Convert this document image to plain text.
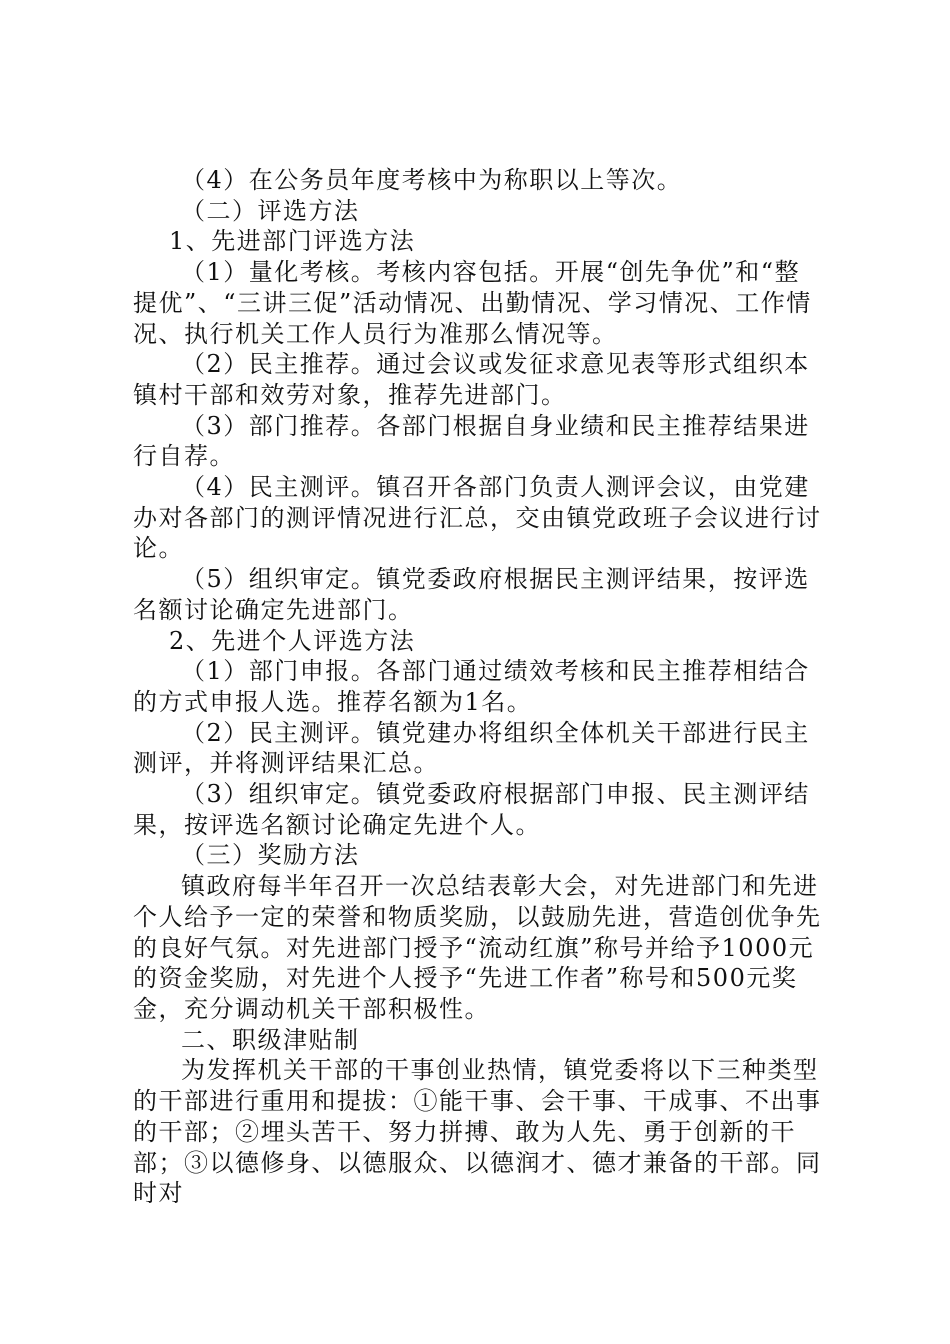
（4）在公务员年度考核中为称职以上等次。

（二）评选方法

1、先进部门评选方法

（1）量化考核。考核内容包括。开展“创先争优”和“整提优”、“三讲三促”活动情况、出勤情况、学习情况、工作情况、执行机关工作人员行为准那么情况等。

（2）民主推荐。通过会议或发征求意见表等形式组织本镇村干部和效劳对象，推荐先进部门。

（3）部门推荐。各部门根据自身业绩和民主推荐结果进行自荐。

（4）民主测评。镇召开各部门负责人测评会议，由党建办对各部门的测评情况进行汇总，交由镇党政班子会议进行讨论。

（5）组织审定。镇党委政府根据民主测评结果，按评选名额讨论确定先进部门。

2、先进个人评选方法

（1）部门申报。各部门通过绩效考核和民主推荐相结合的方式申报人选。推荐名额为1名。

（2）民主测评。镇党建办将组织全体机关干部进行民主测评，并将测评结果汇总。

（3）组织审定。镇党委政府根据部门申报、民主测评结果，按评选名额讨论确定先进个人。

（三）奖励方法

镇政府每半年召开一次总结表彰大会，对先进部门和先进个人给予一定的荣誉和物质奖励，以鼓励先进，营造创优争先的良好气氛。对先进部门授予“流动红旗”称号并给予1000元的资金奖励，对先进个人授予“先进工作者”称号和500元奖金，充分调动机关干部积极性。

二、职级津贴制

为发挥机关干部的干事创业热情，镇党委将以下三种类型的干部进行重用和提拔：①能干事、会干事、干成事、不出事的干部；②埋头苦干、努力拼搏、敢为人先、勇于创新的干部；③以德修身、以德服众、以德润才、德才兼备的干部。同时对
